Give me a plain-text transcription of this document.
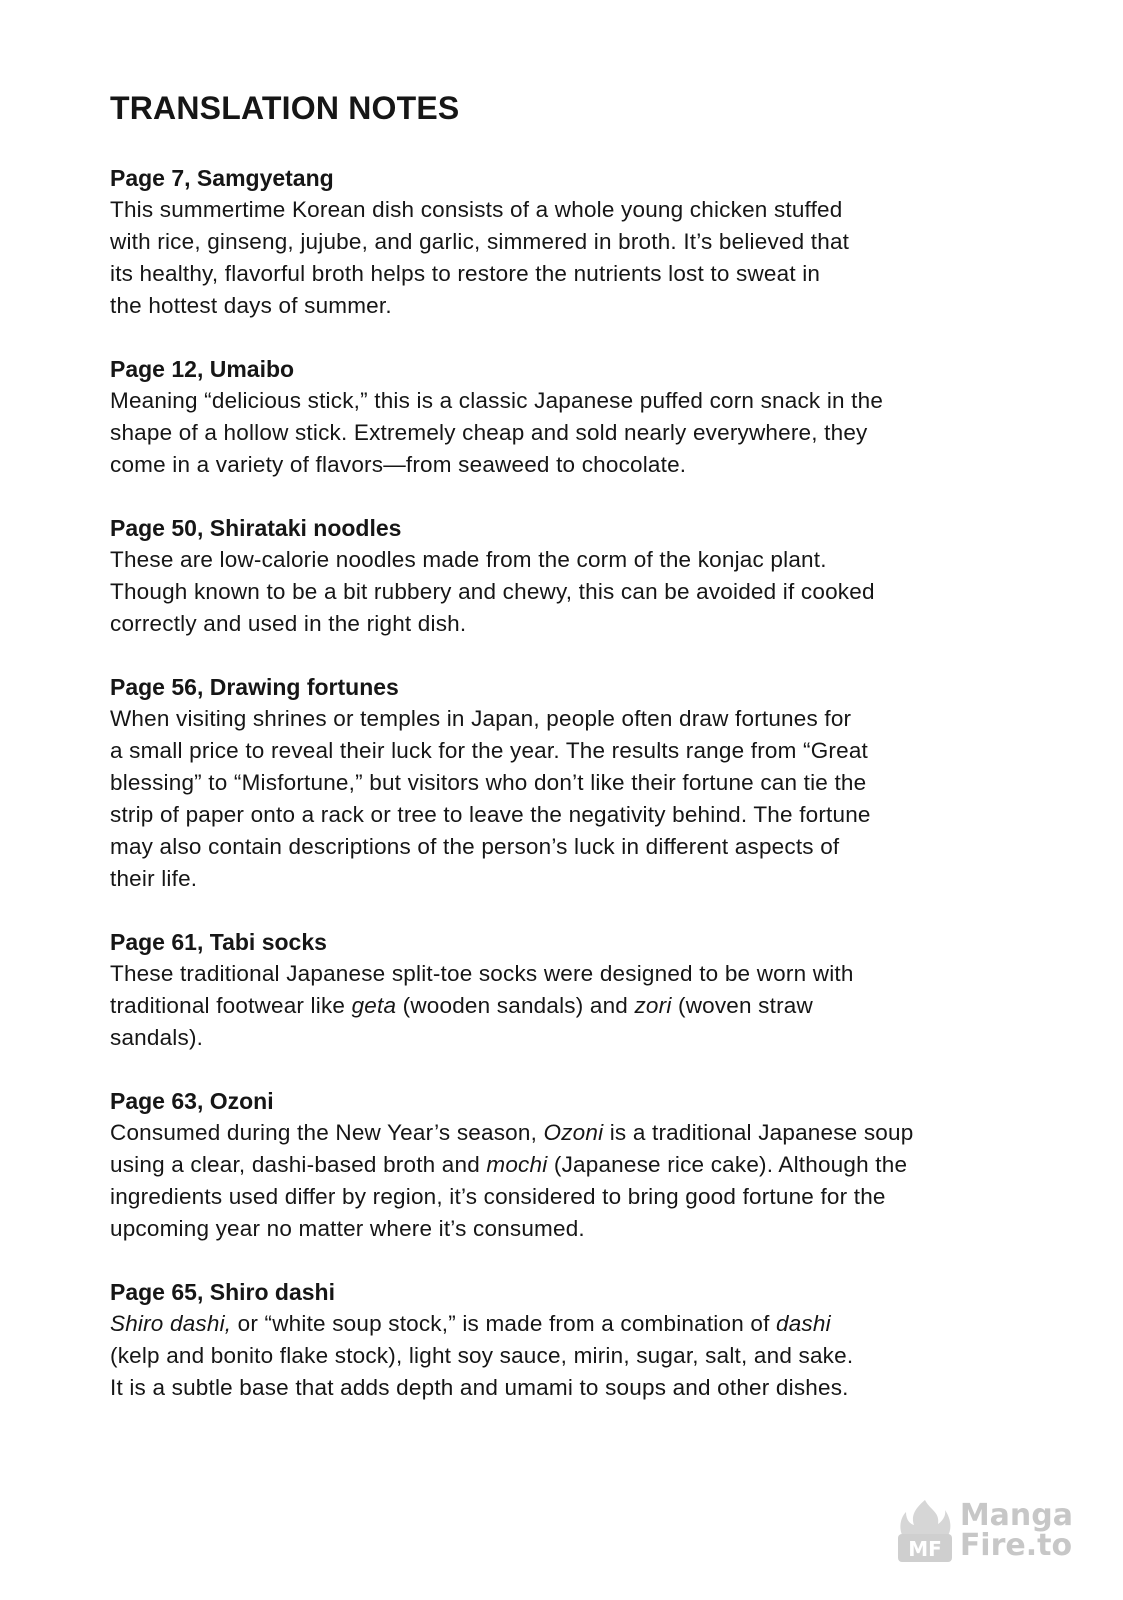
TRANSLATION NOTES

Page 7, Samgyetang

This summertime Korean dish consists of a whole young chicken stuffed
with rice, ginseng, jujube, and garlic, simmered in broth. It’s believed that
its healthy, flavorful broth helps to restore the nutrients lost to sweat in
the hottest days of summer.

Page 12, Umaibo

Meaning “delicious stick,” this is a classic Japanese puffed corn snack in the
shape of a hollow stick. Extremely cheap and sold nearly everywhere, they
come in a variety of flavors—from seaweed to chocolate.

Page 50, Shirataki noodles

These are low-calorie noodles made from the corm of the konjac plant.
Though known to be a bit rubbery and chewy, this can be avoided if cooked
correctly and used in the right dish.

Page 56, Drawing fortunes

When visiting shrines or temples in Japan, people often draw fortunes for
a small price to reveal their luck for the year. The results range from “Great
blessing” to “Misfortune,” but visitors who don’t like their fortune can tie the
strip of paper onto a rack or tree to leave the negativity behind. The fortune
may also contain descriptions of the person’s luck in different aspects of
their life.

Page 61, Tabi socks

These traditional Japanese split-toe socks were designed to be worn with
traditional footwear like geta (wooden sandals) and zori (woven straw
sandals).

Page 63, Ozoni

Consumed during the New Year’s season, Ozoni is a traditional Japanese soup
using a clear, dashi-based broth and mochi (Japanese rice cake). Although the
ingredients used differ by region, it’s considered to bring good fortune for the
upcoming year no matter where it’s consumed.

Page 65, Shiro dashi

Shiro dashi, or “white soup stock,” is made from a combination of dashi
(kelp and bonito flake stock), light soy sauce, mirin, sugar, salt, and sake.
It is a subtle base that adds depth and umami to soups and other dishes.

MF
Manga
Fire.to
